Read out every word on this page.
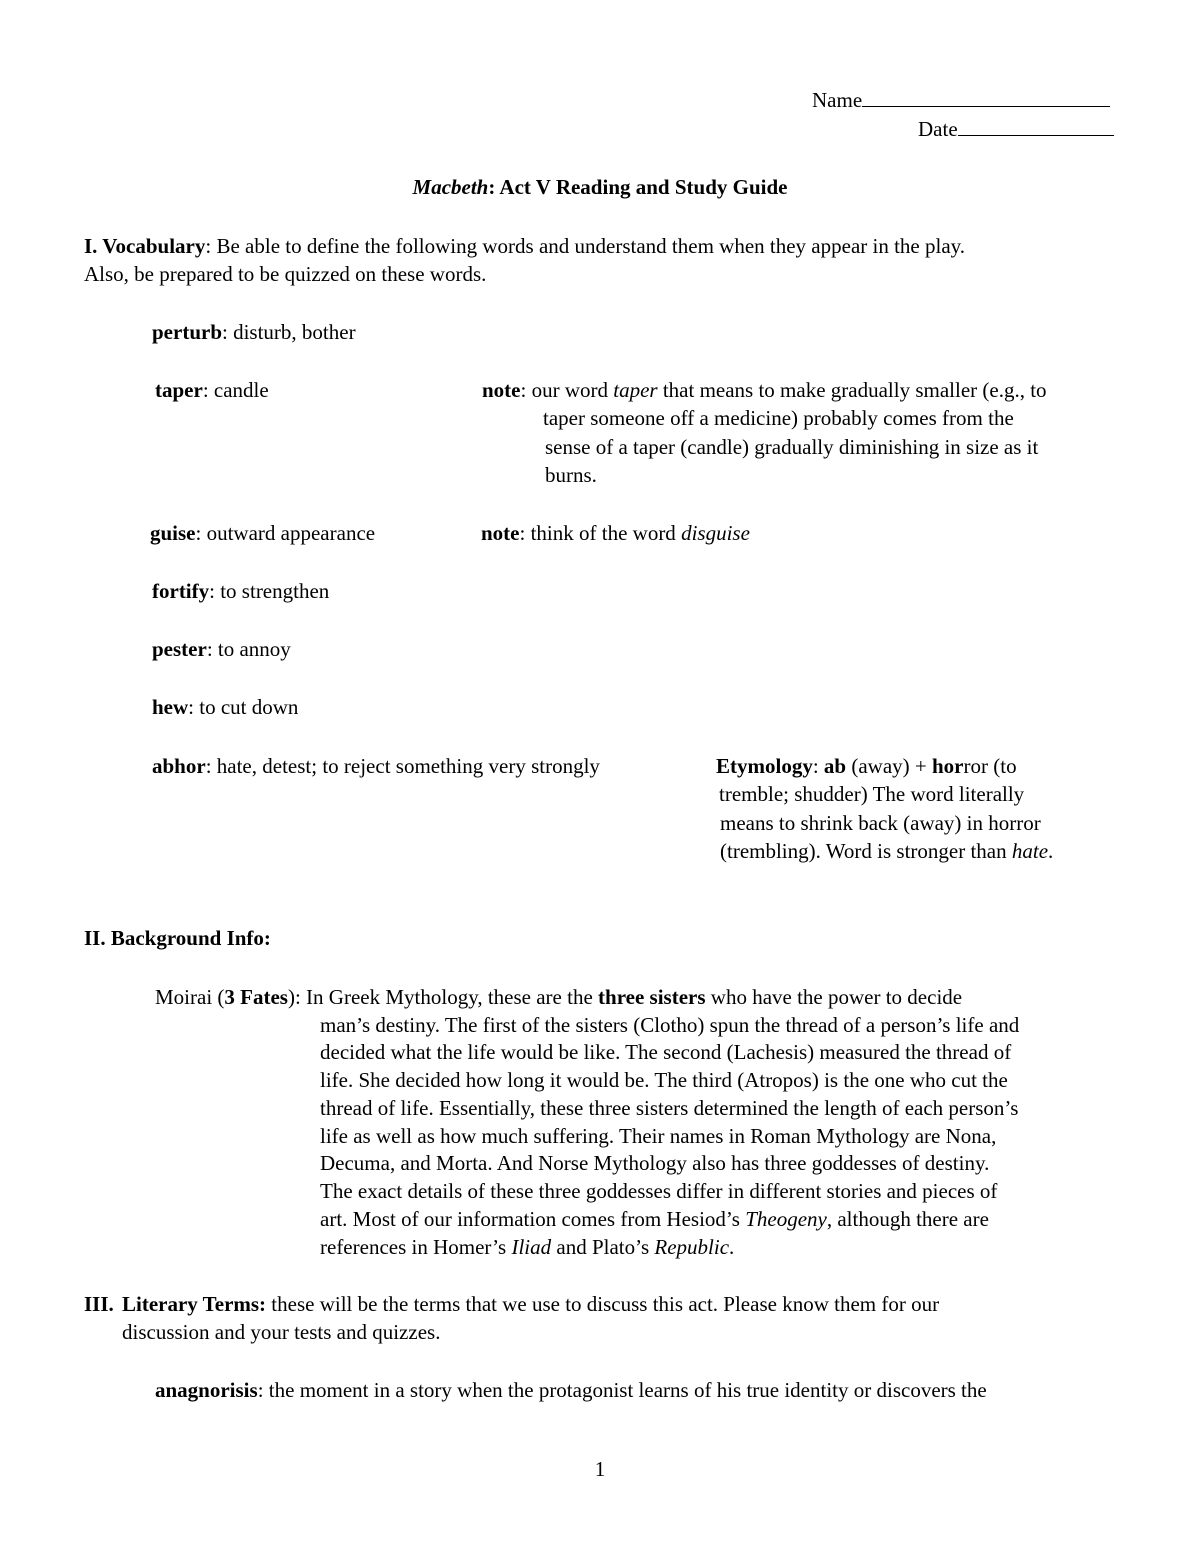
Name
Date
Macbeth: Act V Reading and Study Guide
I. Vocabulary: Be able to define the following words and understand them when they appear in the play.
Also, be prepared to be quizzed on these words.
perturb: disturb, bother
taper: candle	note: our word taper that means to make gradually smaller (e.g., to
taper someone off a medicine) probably comes from the
sense of a taper (candle) gradually diminishing in size as it
burns.
guise: outward appearance	note: think of the word disguise
fortify: to strengthen
pester: to annoy
hew: to cut down
abhor: hate, detest; to reject something very strongly	Etymology: ab (away) + horror (to
tremble; shudder) The word literally
means to shrink back (away) in horror
(trembling). Word is stronger than hate.
II. Background Info:
Moirai (3 Fates): In Greek Mythology, these are the three sisters who have the power to decide
man’s destiny. The first of the sisters (Clotho) spun the thread of a person’s life and
decided what the life would be like. The second (Lachesis) measured the thread of
life. She decided how long it would be. The third (Atropos) is the one who cut the
thread of life. Essentially, these three sisters determined the length of each person’s
life as well as how much suffering. Their names in Roman Mythology are Nona,
Decuma, and Morta. And Norse Mythology also has three goddesses of destiny.
The exact details of these three goddesses differ in different stories and pieces of
art. Most of our information comes from Hesiod’s Theogeny, although there are
references in Homer’s Iliad and Plato’s Republic.
III. Literary Terms: these will be the terms that we use to discuss this act. Please know them for our
discussion and your tests and quizzes.
anagnorisis: the moment in a story when the protagonist learns of his true identity or discovers the
1
